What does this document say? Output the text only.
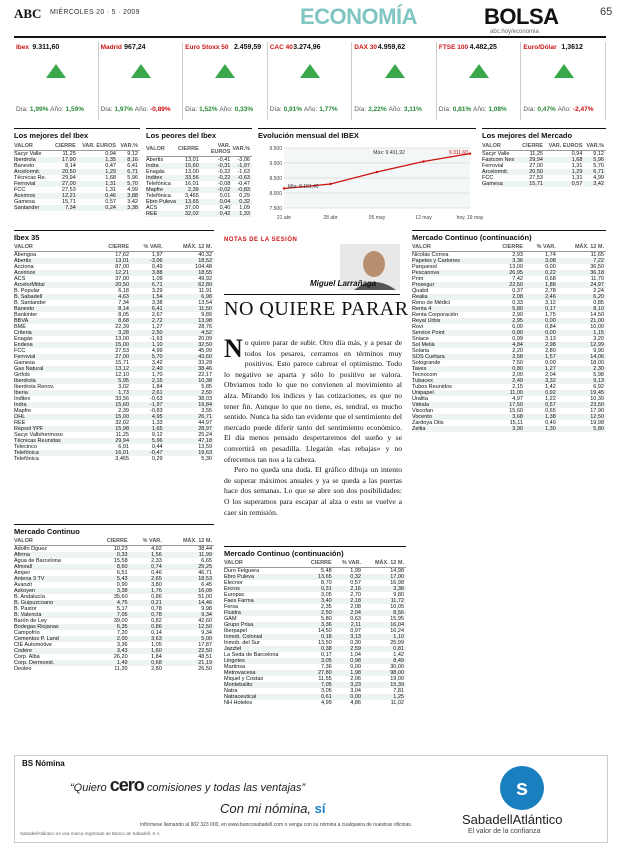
ABC MIÉRCOLES 20 · 5 · 2009	ECONOMÍA	BOLSA	65
abc.hoy/economia
Ibex 9.311,60
Día: 1,99% Año: 1,59%
Madrid 967,24
Día: 1,97% Año: -0,89%
Euro Stoxx 50 2.459,59
Día: 1,52% Año: 0,33%
CAC 40 3.274,96
Día: 0,91% Año: 1,77%
DAX 30 4.959,62
Día: 2,22% Año: 3,11%
FTSE 100 4.482,25
Día: 0,81% Año: 1,08%
Euro/Dólar 1,3612
Día: 0,47% Año: -2,47%
Los mejores del Ibex
VALOR	CIERRE	VAR. EUROS	VAR.%
Sacyr Valle	11,25	0,94	9,12
Iberdrola	17,90	1,35	8,16
Banesto	8,14	0,47	6,41
Arcelormit.	20,50	1,29	6,71
Técnicas Re.	29,94	1,68	5,96
Ferrovial	27,00	1,31	5,70
FCC	27,53	1,31	4,99
Acerinox	12,21	0,46	3,88
Gamesa	15,71	0,57	3,42
Santander	7,34	0,24	3,38
Los peores del Ibex
VALOR	CIERRE	VAR. EUROS	VAR.%
Abertis	13,01	-0,41	-3,06
Indra	15,60	-0,31	-1,97
Enagás	13,00	-0,22	-1,63
Inditex	33,56	-0,22	-0,63
Telefónica	16,01	-0,08	-0,47
Mapfre	2,39	-0,02	-0,83
Telefónica	3,465	0,01	0,29
Ebro Puleva	13,65	0,04	0,32
ACS	37,00	0,40	1,09
REE	32,02	0,42	1,33
Evolución mensual del IBEX
9.500
9.000
8.500
8.000
7.500
21 abr	28 abr	05 may	12 may	hoy. 19 may
Máx: 9.401,92
Mín: 8.151,40
9.311,60
Los mejores del Mercado
VALOR	CIERRE	VAR. EUROS	VAR.%
Sacyr Valle	11,25	0,94	9,12
Fastcom Nex	29,94	1,68	5,96
Ferrovial	27,00	1,31	5,70
Arcelormit.	20,50	1,29	6,71
FCC	27,53	1,31	4,99
Gamesa	15,71	0,57	3,42
Ibex 35
VALOR	CIERRE	% VAR.	MÁX. 12 M.
Abengoa	17,62	1,97	40,32
Abertis	13,01	-3,06	18,52
Acciona	87,00	0,49	104,48
Acerinox	12,21	3,88	18,55
ACS	37,00	1,09	49,92
ArcelorMittal	20,50	6,71	62,80
B. Popular	6,18	3,29	11,91
B. Sabadell	4,63	1,54	6,98
B. Santander	7,34	3,38	13,54
Banesto	8,14	6,41	11,50
Bankinter	8,05	2,67	9,89
BBVA	8,68	2,72	13,98
BME	22,39	1,27	28,76
Criteria	3,28	2,50	4,52
Enagás	13,00	-1,63	20,09
Endesa	15,00	1,10	32,50
FCC	27,53	4,99	45,99
Ferrovial	27,00	5,70	43,60
Gamesa	15,71	3,42	33,28
Gas Natural	13,12	2,40	38,46
Grifols	12,10	1,70	22,17
Iberdrola	5,95	2,15	10,38
Iberdrola Renov.	3,02	1,84	5,85
Iberia	1,73	2,61	2,50
Inditex	33,56	-0,63	38,03
Indra	15,60	-1,97	19,84
Mapfre	2,39	-0,83	3,55
OHL	15,00	4,95	26,71
REE	32,02	1,33	44,97
Repsol YPF	15,98	1,65	28,97
Sacyr Vallehermoso	11,25	9,12	25,24
Técnicas Reunidas	29,94	5,96	47,18
Telecinco	6,91	0,44	13,59
Telefónica	16,01	-0,47	19,63
Telefónica	3,465	0,29	5,30
Mercado Continuo
VALOR	CIERRE	% VAR.	MÁX. 12 M.
Adolfo Dguez	10,23	4,92	38,44
Afirma	0,33	1,56	11,99
Agua de Barcelona	15,58	2,33	6,65
Almirall	8,60	0,74	25,25
Amper	6,51	0,46	46,71
Antena 3 TV	5,43	2,65	18,53
Avanzit	0,90	3,80	6,45
Azkoyen	3,38	1,76	16,08
B. Andalucía	35,60	0,86	51,00
B. Guipuzcoano	4,75	0,21	14,46
B. Pastor	5,17	0,78	9,98
B. Valencia	7,05	0,78	9,34
Barón de Ley	39,00	0,82	42,60
Bodegas Riojanas	6,35	0,86	12,50
Campofrío	7,20	0,14	9,34
Cementos P. Land	2,00	3,63	5,00
CIE Automotive	3,36	1,05	17,87
Codere	3,43	1,60	22,50
Corp. Alba	26,20	1,84	48,51
Corp. Dermoest.	1,49	0,68	21,19
Deoleo	11,20	2,80	26,50
NOTAS DE LA SESIÓN
Miguel Larrañaga
NO QUIERE PARAR
N o quiere parar de subir. Otro día más, y a pesar de todos los pesares, cerramos en términos muy positivos. Esto parece cabrear el optimismo. Todo lo negativo se aparta y sólo lo positivo se valora. Obviamos todo lo que no convienen al movimiento al alza. Mirando los índices y las cotizaciones, es que no tener fin. Aunque lo que no tiene, es, tendral, es mucho sentido. Nunca ha sido tan evidente que el sentimiento del mercado puede diferir tanto del sentimiento económico. El día menos pensado despertaremos del sueño y se convertirá en pesadilla. Llegarán «las rebajas» y no ofrecemos tan nos a la cabeza.
Pero no queda una duda. El gráfico dibuja un intento de superar máximos anuales y ya se queda a las puertas hace dos semanas. Lo que se abre son dos posibilidades: O los superamos para escapar al alza o esto se vuelve a caer sin remisión.
Mercado Continuo (continuación)
VALOR	CIERRE	% VAR.	MÁX. 12 M.
Duro Felguera	5,48	1,99	14,98
Ebro Puleva	13,65	0,32	17,00
Elecnor	8,70	0,57	16,98
Ercros	0,31	2,16	3,38
Europac	3,05	2,70	9,80
Faes Farma	3,40	2,18	11,72
Fersa	2,35	2,08	10,05
Fluidra	2,50	2,04	8,56
GAM	5,80	0,63	15,95
Grupo Prisa	3,36	2,11	16,04
Iberpapel	14,50	0,97	16,24
Inmob. Colonial	0,18	3,13	1,10
Inmob. del Sur	13,50	0,30	25,99
Jazztel	0,38	2,59	0,81
La Seda de Barcelona	0,17	1,04	1,42
Lingotes	3,05	0,98	8,49
Martinsa	7,36	0,00	30,00
Metrovacesa	27,80	1,98	98,00
Miquel y Costas	11,55	2,06	19,00
Montebalito	7,05	3,23	15,39
Natra	3,05	3,04	7,81
Natraceutical	0,61	0,00	1,25
NH Hoteles	4,99	4,86	11,02
Mercado Continuo (continuación)
VALOR	CIERRE	% VAR.	MÁX. 12 M.
Nicolás Correa	2,93	1,74	11,65
Papeles y Cartones	3,36	3,08	7,22
Parquesol	13,00	0,00	36,50
Pescanova	26,95	0,22	36,18
Prim	7,42	0,68	11,70
Prosegur	22,50	1,88	24,97
Quabit	0,37	2,78	2,24
Realia	2,08	2,46	6,20
Reno de Médici	0,33	3,12	0,85
Renta 4	5,80	0,17	8,10
Renta Corporación	2,90	1,75	14,50
Reyal Urbis	2,95	0,00	21,00
Rovi	6,00	0,84	10,00
Service Point	0,80	0,00	1,15
Sniace	0,99	3,13	3,20
Sol Meliá	4,84	2,98	12,99
Solaria	2,20	2,80	9,90
SOS Cuétara	2,58	1,57	14,06
Sotogrande	7,50	0,00	18,00
Tavex	0,80	1,27	2,30
Tecnocom	2,00	2,04	5,98
Tubacex	2,49	3,32	9,13
Tubos Reunidos	2,15	1,42	6,92
Unipapel	11,00	0,92	19,45
Uralita	4,97	1,22	10,30
Vidrala	17,50	0,57	23,50
Viscofan	15,60	0,65	17,90
Vocento	3,68	1,38	12,50
Zardoya Otis	15,11	0,40	19,98
Zeltia	3,90	1,30	5,80
BS Nómina
“Quiero cero comisiones y todas las ventajas”
Con mi nómina, sí
Infórmese llamando al 902 323 000, en www.bancosabadell.com o venga con su nómina a cualquiera de nuestras oficinas.
SabadellAtlántico es una marca registrada de Banco de Sabadell, S.A.
s
SabadellAtlántico
El valor de la confianza
